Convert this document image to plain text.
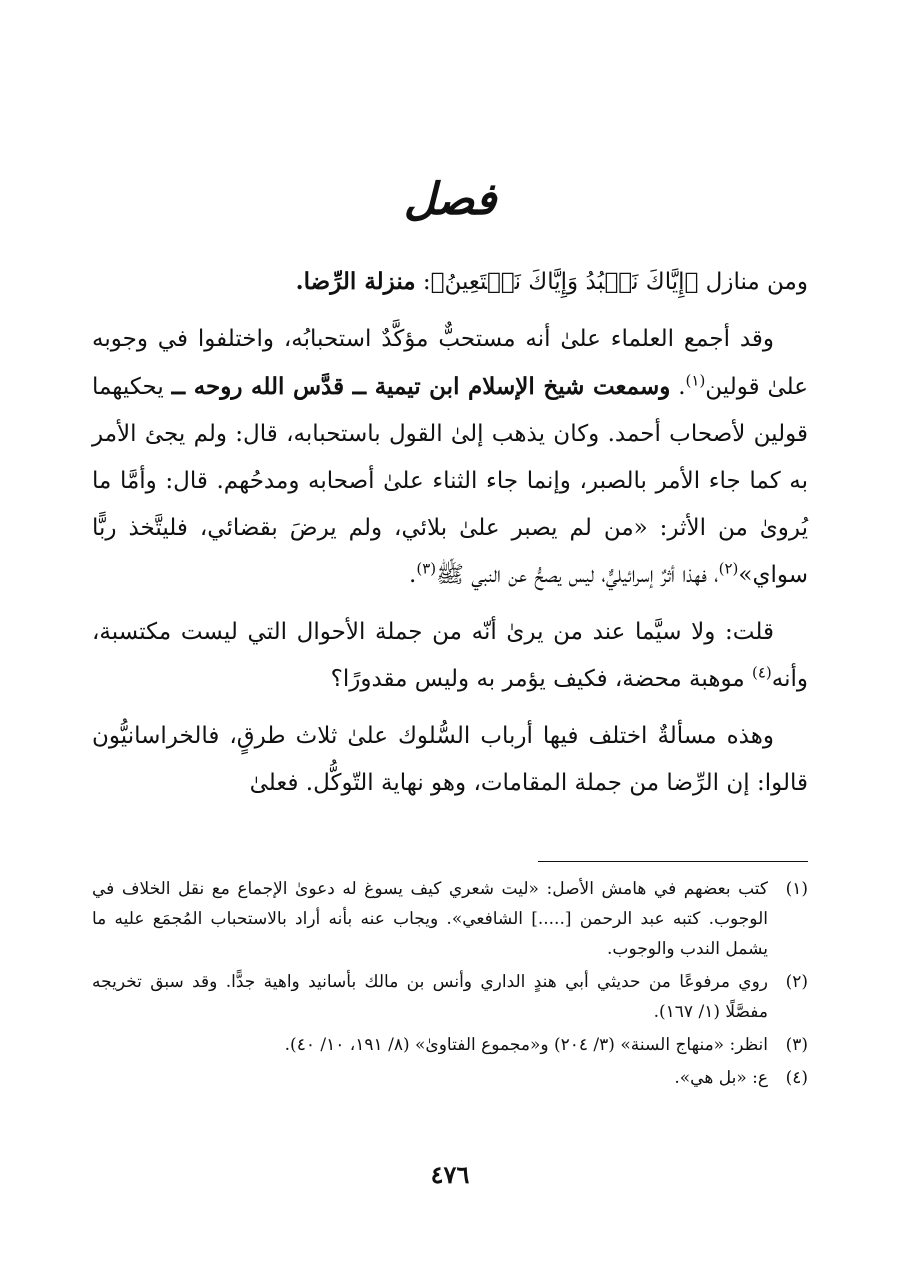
فصل

ومن منازل ﴿إِيَّاكَ نَعۡبُدُ وَإِيَّاكَ نَسۡتَعِينُ﴾: منزلة الرِّضا.

وقد أجمع العلماء علىٰ أنه مستحبٌّ مؤكَّدٌ استحبابُه، واختلفوا في وجوبه علىٰ قولين$^{(١)}$. وسمعت شيخ الإسلام ابن تيمية ــ قدَّس الله روحه ــ يحكيهما قولين لأصحاب أحمد. وكان يذهب إلىٰ القول باستحبابه، قال: ولم يجئ الأمر به كما جاء الأمر بالصبر، وإنما جاء الثناء علىٰ أصحابه ومدحُهم. قال: وأمَّا ما يُروىٰ من الأثر: «من لم يصبر علىٰ بلائي، ولم يرضَ بقضائي، فليتَّخذ ربًّا سواي»$^{(٢)}$، فهذا أثرٌ إسرائيليٌّ، ليس يصحُّ عن النبي ﷺ$^{(٣)}$.

قلت: ولا سيَّما عند من يرىٰ أنّه من جملة الأحوال التي ليست مكتسبة، وأنه$^{(٤)}$ موهبة محضة، فكيف يؤمر به وليس مقدورًا؟

وهذه مسألةٌ اختلف فيها أرباب السُّلوك علىٰ ثلاث طرقٍ، فالخراسانيُّون قالوا: إن الرِّضا من جملة المقامات، وهو نهاية التّوكُّل. فعلىٰ

(١)
كتب بعضهم في هامش الأصل: «ليت شعري كيف يسوغ له دعوىٰ الإجماع مع نقل الخلاف في الوجوب. كتبه عبد الرحمن [.....] الشافعي». ويجاب عنه بأنه أراد بالاستحباب المُجمَع عليه ما يشمل الندب والوجوب.
(٢)
روي مرفوعًا من حديثي أبي هندٍ الداري وأنس بن مالك بأسانيد واهية جدًّا. وقد سبق تخريجه مفصَّلًا (١/ ١٦٧).
(٣)
انظر: «منهاج السنة» (٣/ ٢٠٤) و«مجموع الفتاوىٰ» (٨/ ١٩١، ١٠/ ٤٠).
(٤)
ع: «بل هي».
٤٧٦
